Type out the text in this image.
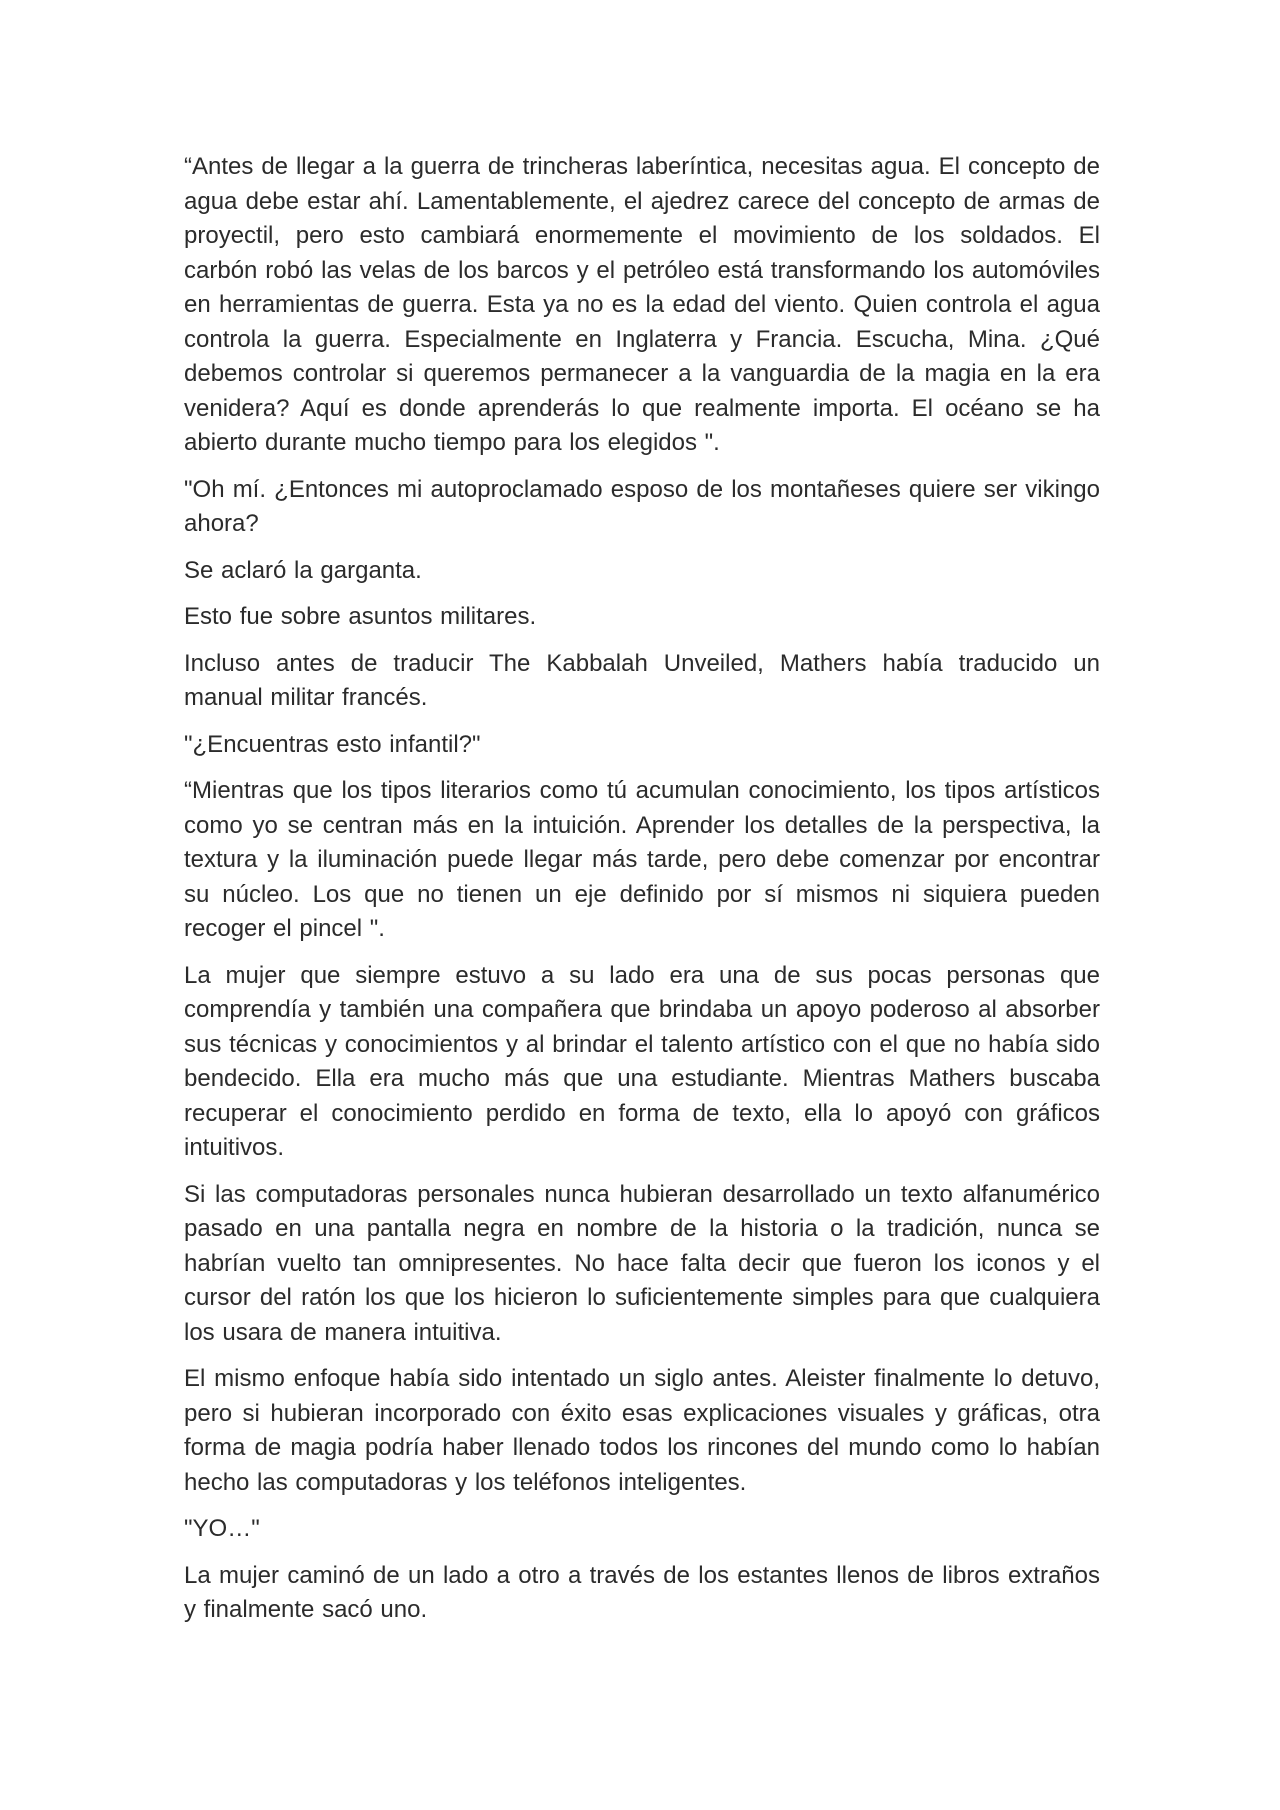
“Antes de llegar a la guerra de trincheras laberíntica, necesitas agua. El concepto de agua debe estar ahí. Lamentablemente, el ajedrez carece del concepto de armas de proyectil, pero esto cambiará enormemente el movimiento de los soldados. El carbón robó las velas de los barcos y el petróleo está transformando los automóviles en herramientas de guerra. Esta ya no es la edad del viento. Quien controla el agua controla la guerra. Especialmente en Inglaterra y Francia. Escucha, Mina. ¿Qué debemos controlar si queremos permanecer a la vanguardia de la magia en la era venidera? Aquí es donde aprenderás lo que realmente importa. El océano se ha abierto durante mucho tiempo para los elegidos ".

"Oh mí. ¿Entonces mi autoproclamado esposo de los montañeses quiere ser vikingo ahora?

Se aclaró la garganta.

Esto fue sobre asuntos militares.

Incluso antes de traducir The Kabbalah Unveiled, Mathers había traducido un manual militar francés.

"¿Encuentras esto infantil?"

“Mientras que los tipos literarios como tú acumulan conocimiento, los tipos artísticos como yo se centran más en la intuición. Aprender los detalles de la perspectiva, la textura y la iluminación puede llegar más tarde, pero debe comenzar por encontrar su núcleo. Los que no tienen un eje definido por sí mismos ni siquiera pueden recoger el pincel ".

La mujer que siempre estuvo a su lado era una de sus pocas personas que comprendía y también una compañera que brindaba un apoyo poderoso al absorber sus técnicas y conocimientos y al brindar el talento artístico con el que no había sido bendecido. Ella era mucho más que una estudiante. Mientras Mathers buscaba recuperar el conocimiento perdido en forma de texto, ella lo apoyó con gráficos intuitivos.

Si las computadoras personales nunca hubieran desarrollado un texto alfanumérico pasado en una pantalla negra en nombre de la historia o la tradición, nunca se habrían vuelto tan omnipresentes. No hace falta decir que fueron los iconos y el cursor del ratón los que los hicieron lo suficientemente simples para que cualquiera los usara de manera intuitiva.

El mismo enfoque había sido intentado un siglo antes. Aleister finalmente lo detuvo, pero si hubieran incorporado con éxito esas explicaciones visuales y gráficas, otra forma de magia podría haber llenado todos los rincones del mundo como lo habían hecho las computadoras y los teléfonos inteligentes.

"YO…"

La mujer caminó de un lado a otro a través de los estantes llenos de libros extraños y finalmente sacó uno.
